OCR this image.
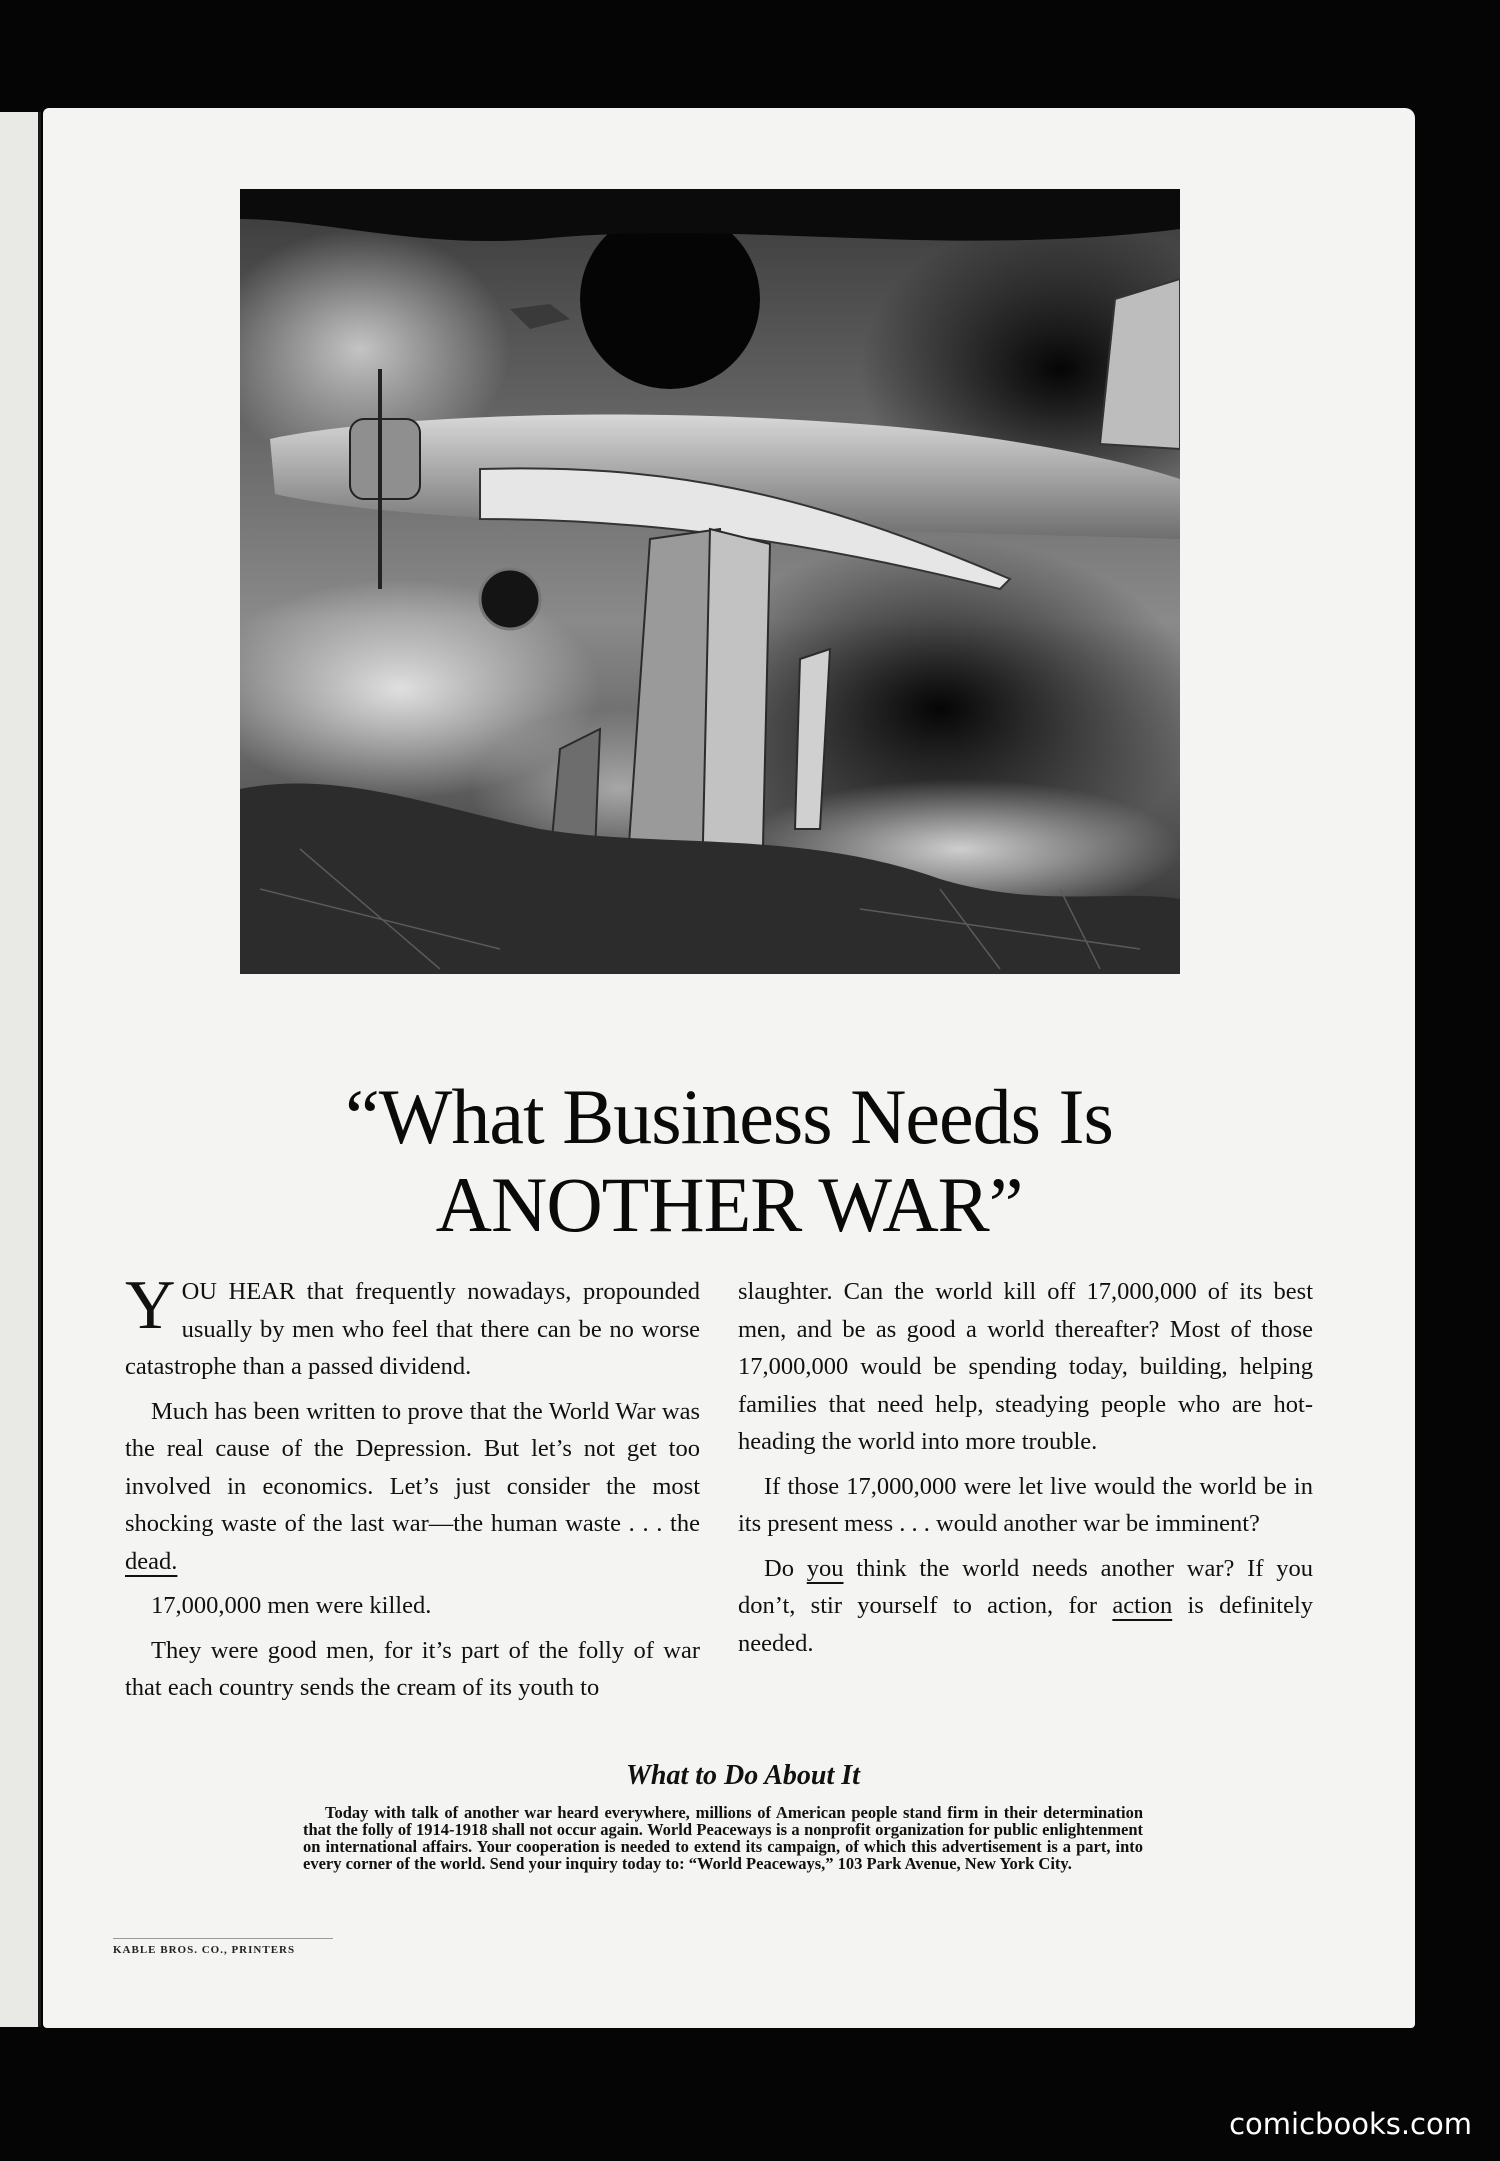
“What Business Needs Is
ANOTHER WAR”

YOU HEAR that frequently nowadays, propounded usually by men who feel that there can be no worse catastrophe than a passed dividend.

Much has been written to prove that the World War was the real cause of the Depression. But let’s not get too involved in economics. Let’s just consider the most shocking waste of the last war—the human waste . . . the dead.

17,000,000 men were killed.

They were good men, for it’s part of the folly of war that each country sends the cream of its youth to

slaughter. Can the world kill off 17,000,000 of its best men, and be as good a world thereafter? Most of those 17,000,000 would be spending today, building, helping families that need help, steadying people who are hot-heading the world into more trouble.

If those 17,000,000 were let live would the world be in its present mess . . . would another war be imminent?

Do you think the world needs another war? If you don’t, stir yourself to action, for action is definitely needed.

What to Do About It
Today with talk of another war heard everywhere, millions of American people stand firm in their determination that the folly of 1914-1918 shall not occur again. World Peaceways is a nonprofit organization for public enlightenment on international affairs. Your cooperation is needed to extend its campaign, of which this advertisement is a part, into every corner of the world. Send your inquiry today to: “World Peaceways,” 103 Park Avenue, New York City.
KABLE BROS. CO., PRINTERS
comicbooks.com
